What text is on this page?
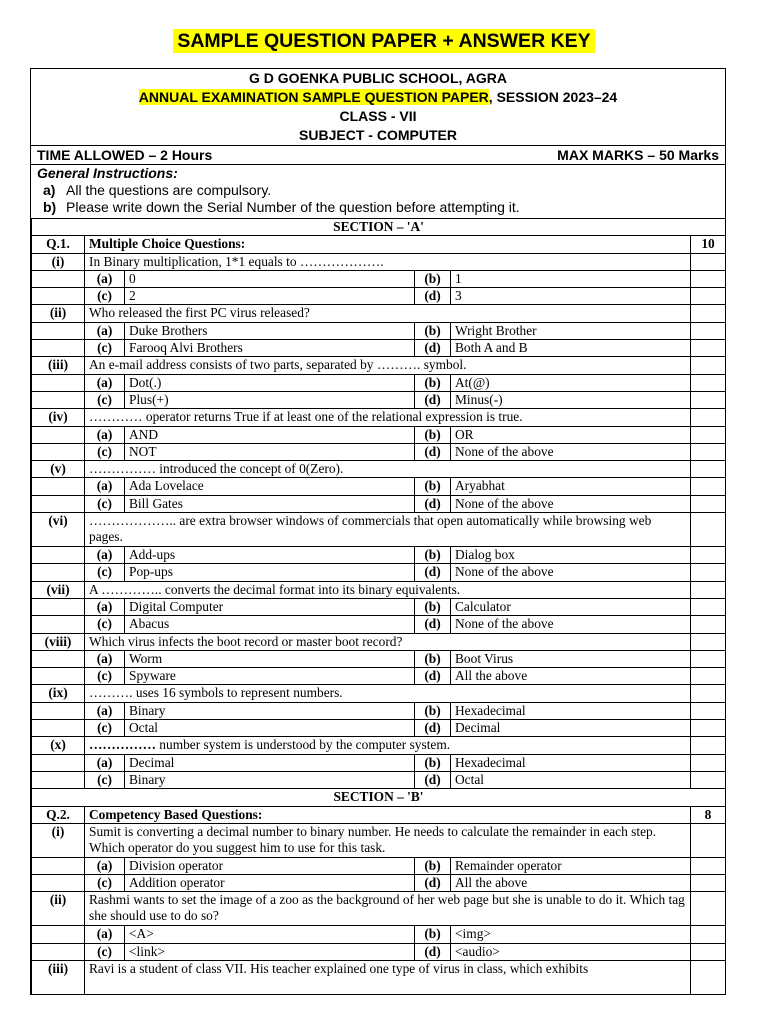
SAMPLE QUESTION PAPER + ANSWER KEY
G D GOENKA PUBLIC SCHOOL, AGRA
ANNUAL EXAMINATION SAMPLE QUESTION PAPER, SESSION 2023–24
CLASS - VII
SUBJECT - COMPUTER
TIME ALLOWED – 2 Hours	MAX MARKS – 50 Marks
General Instructions:
a) All the questions are compulsory.
b) Please write down the Serial Number of the question before attempting it.
SECTION – 'A'					
Q.1.	Multiple Choice Questions:				10
(i)	In Binary multiplication, 1*1 equals to ……………….				
	(a)	0	(b)	1	
	(c)	2	(d)	3	
(ii)	Who released the first PC virus released?				
	(a)	Duke Brothers	(b)	Wright Brother	
	(c)	Farooq Alvi Brothers	(d)	Both A and B	
(iii)	An e-mail address consists of two parts, separated by ………. symbol.				
	(a)	Dot(.)	(b)	At(@)	
	(c)	Plus(+)	(d)	Minus(-)	
(iv)	………… operator returns True if at least one of the relational expression is true.				
	(a)	AND	(b)	OR	
	(c)	NOT	(d)	None of the above	
(v)	…………… introduced the concept of 0(Zero).				
	(a)	Ada Lovelace	(b)	Aryabhat	
	(c)	Bill Gates	(d)	None of the above	
(vi)	……………….. are extra browser windows of commercials that open automatically while browsing web pages.				
	(a)	Add-ups	(b)	Dialog box	
	(c)	Pop-ups	(d)	None of the above	
(vii)	A ………….. converts the decimal format into its binary equivalents.				
	(a)	Digital Computer	(b)	Calculator	
	(c)	Abacus	(d)	None of the above	
(viii)	Which virus infects the boot record or master boot record?				
	(a)	Worm	(b)	Boot Virus	
	(c)	Spyware	(d)	All the above	
(ix)	………. uses 16 symbols to represent numbers.				
	(a)	Binary	(b)	Hexadecimal	
	(c)	Octal	(d)	Decimal	
(x)	…………… number system is understood by the computer system.				
	(a)	Decimal	(b)	Hexadecimal	
	(c)	Binary	(d)	Octal	
SECTION – 'B'					
Q.2.	Competency Based Questions:				8
(i)	Sumit is converting a decimal number to binary number. He needs to calculate the remainder in each step. Which operator do you suggest him to use for this task.				
	(a)	Division operator	(b)	Remainder operator	
	(c)	Addition operator	(d)	All the above	
(ii)	Rashmi wants to set the image of a zoo as the background of her web page but she is unable to do it. Which tag she should use to do so?				
	(a)	<A>	(b)	<img>	
	(c)	<link>	(d)	<audio>	
(iii)	Ravi is a student of class VII. His teacher explained one type of virus in class, which exhibits				
